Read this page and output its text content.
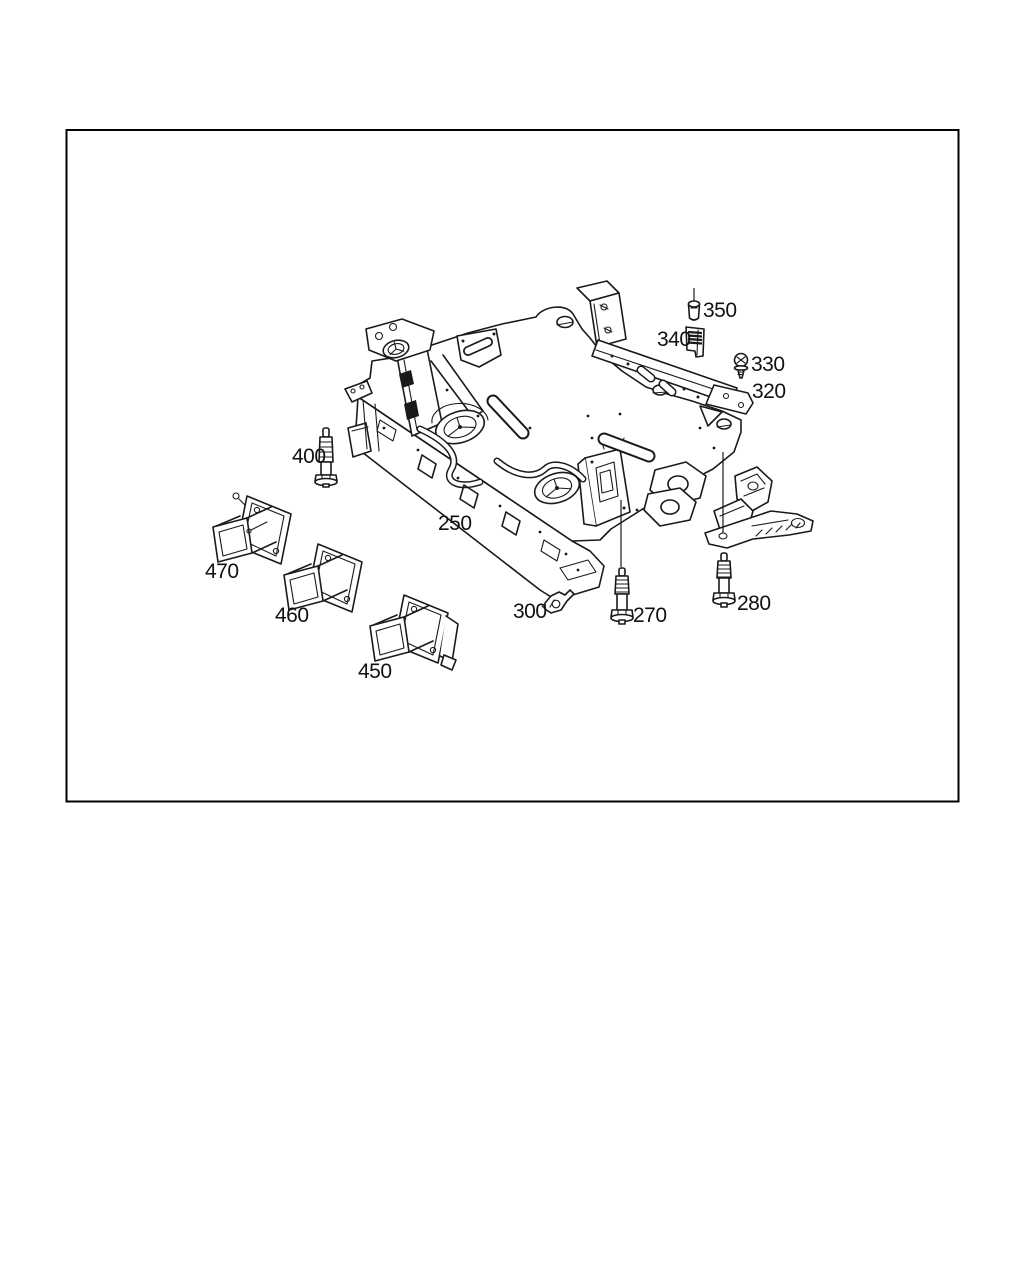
350
340
330
320
400
250
470
460	300	270
280
450
